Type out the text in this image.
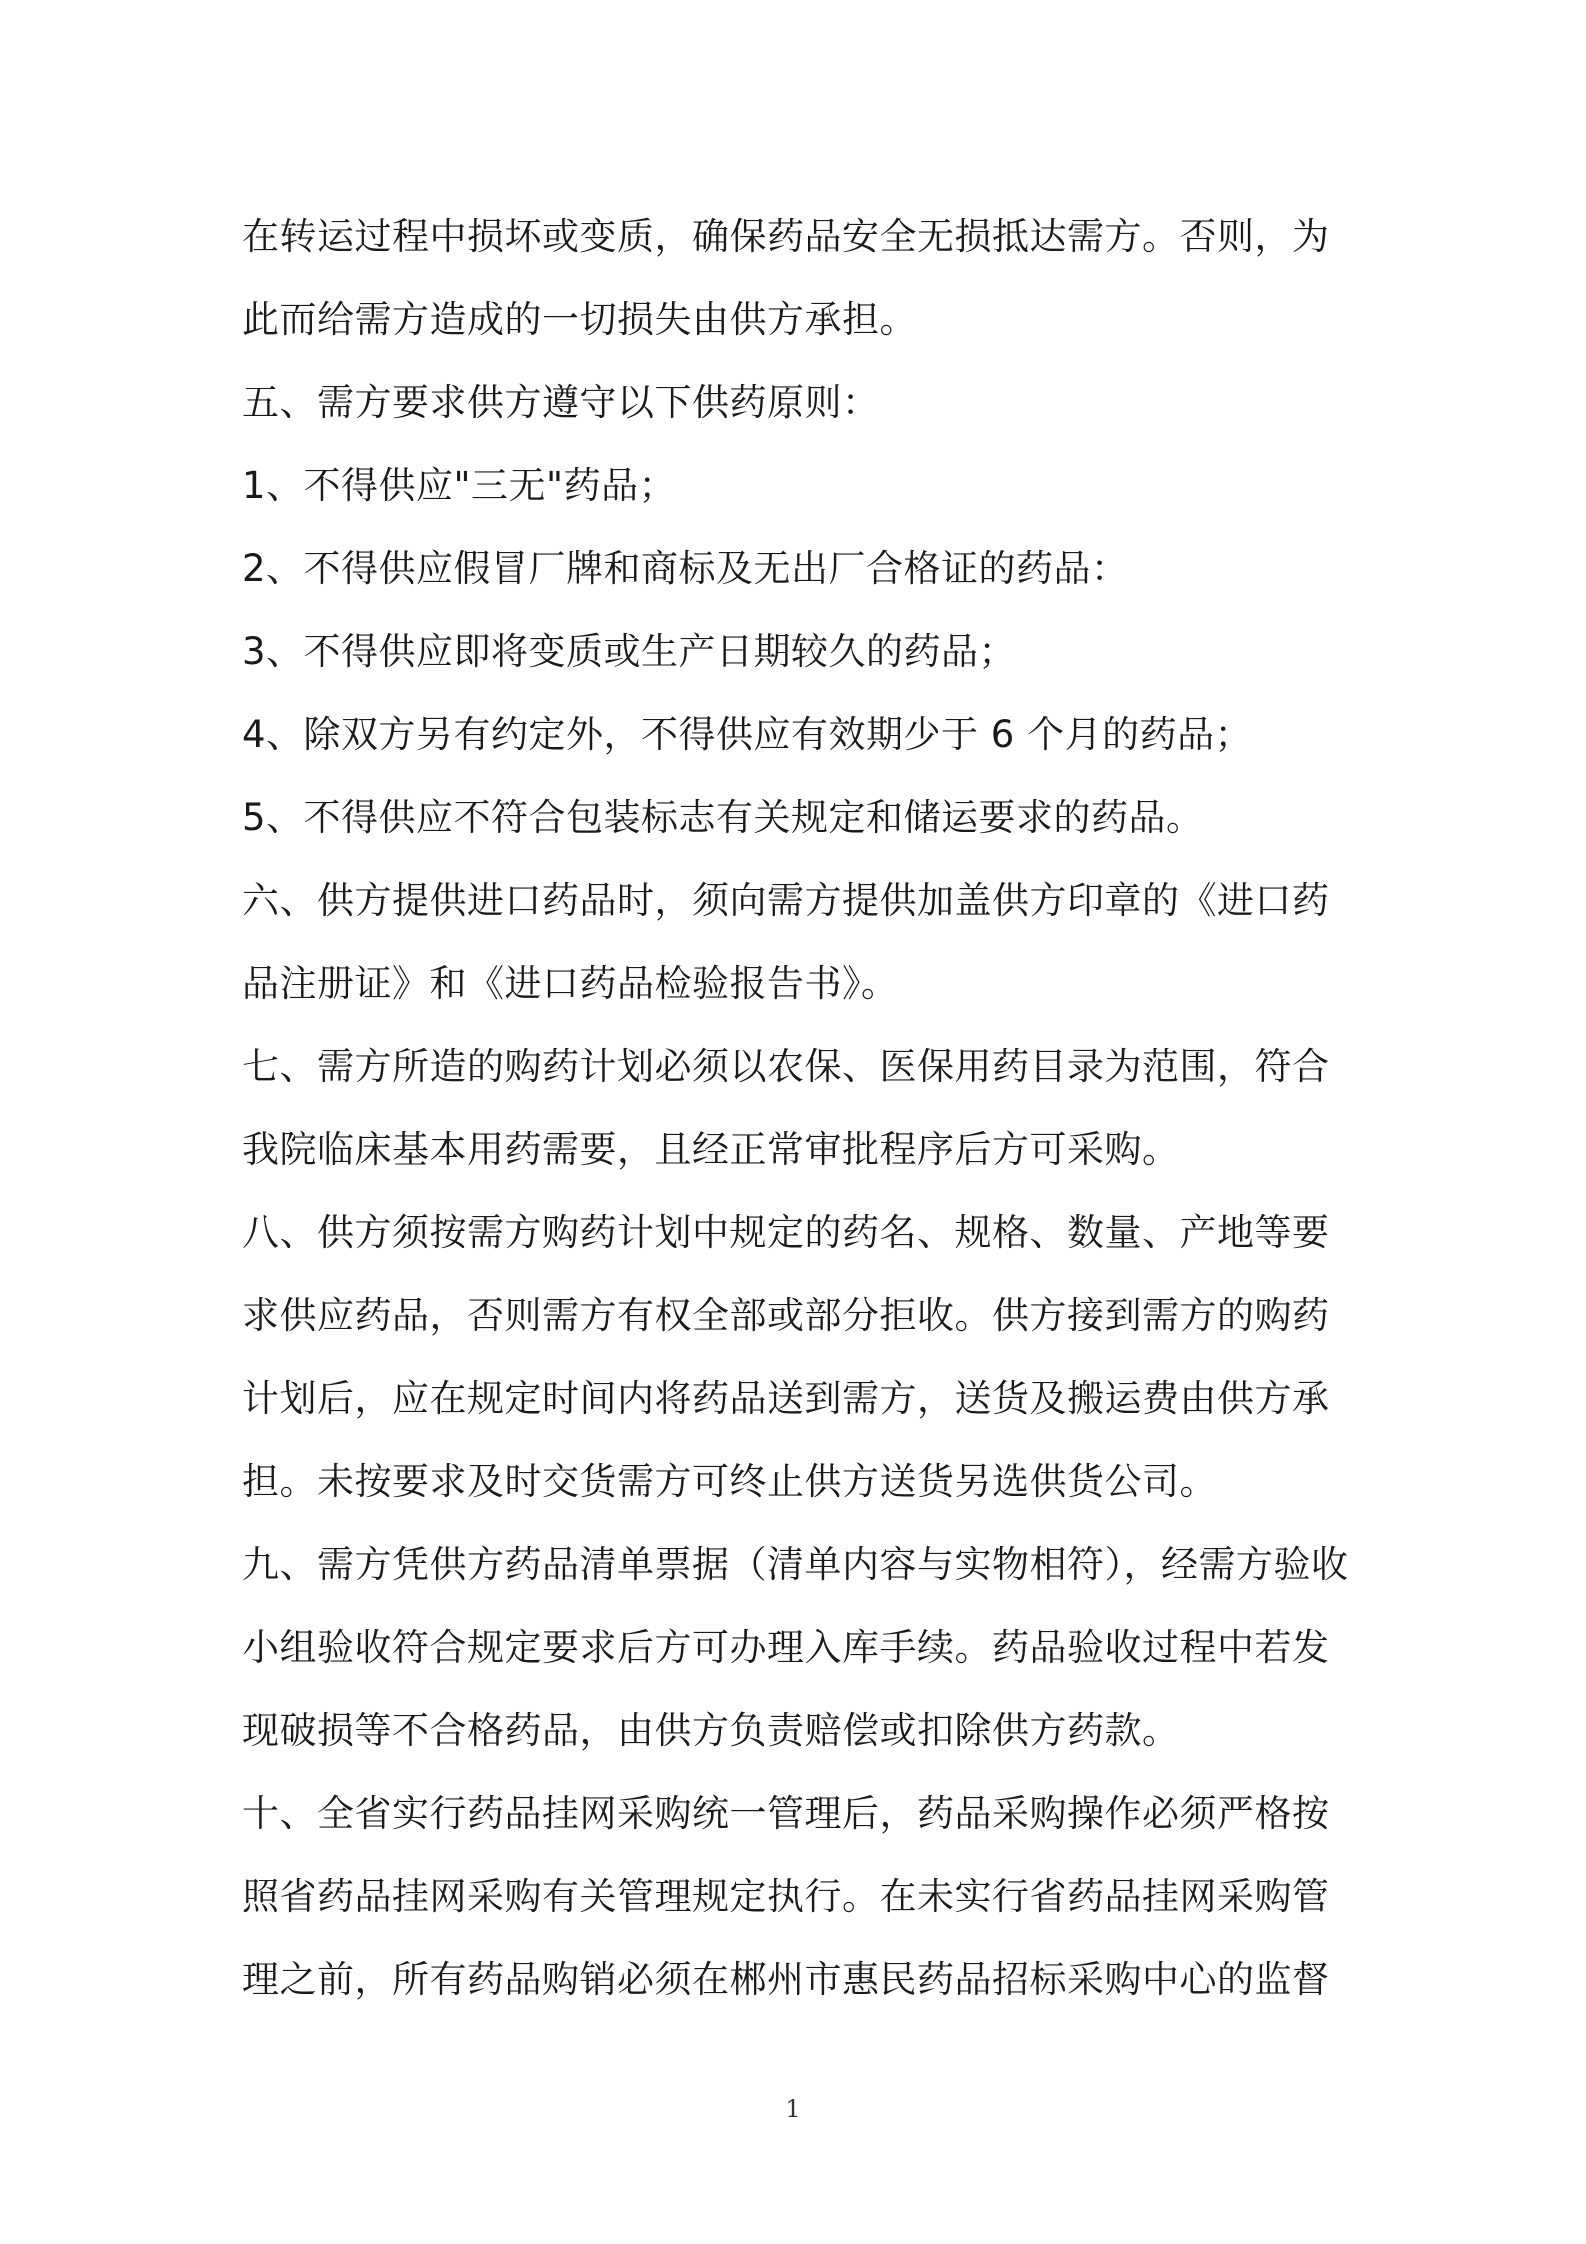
在转运过程中损坏或变质，确保药品安全无损抵达需方。否则，为
此而给需方造成的一切损失由供方承担。
五、需方要求供方遵守以下供药原则：
1、不得供应"三无"药品；
2、不得供应假冒厂牌和商标及无出厂合格证的药品：
3、不得供应即将变质或生产日期较久的药品；
4、除双方另有约定外，不得供应有效期少于 6 个月的药品；
5、不得供应不符合包装标志有关规定和储运要求的药品。
六、供方提供进口药品时，须向需方提供加盖供方印章的《进口药
品注册证》和《进口药品检验报告书》。
七、需方所造的购药计划必须以农保、医保用药目录为范围，符合
我院临床基本用药需要，且经正常审批程序后方可采购。
八、供方须按需方购药计划中规定的药名、规格、数量、产地等要
求供应药品，否则需方有权全部或部分拒收。供方接到需方的购药
计划后，应在规定时间内将药品送到需方，送货及搬运费由供方承
担。未按要求及时交货需方可终止供方送货另选供货公司。
九、需方凭供方药品清单票据（清单内容与实物相符），经需方验收
小组验收符合规定要求后方可办理入库手续。药品验收过程中若发
现破损等不合格药品，由供方负责赔偿或扣除供方药款。
十、全省实行药品挂网采购统一管理后，药品采购操作必须严格按
照省药品挂网采购有关管理规定执行。在未实行省药品挂网采购管
理之前，所有药品购销必须在郴州市惠民药品招标采购中心的监督
1
